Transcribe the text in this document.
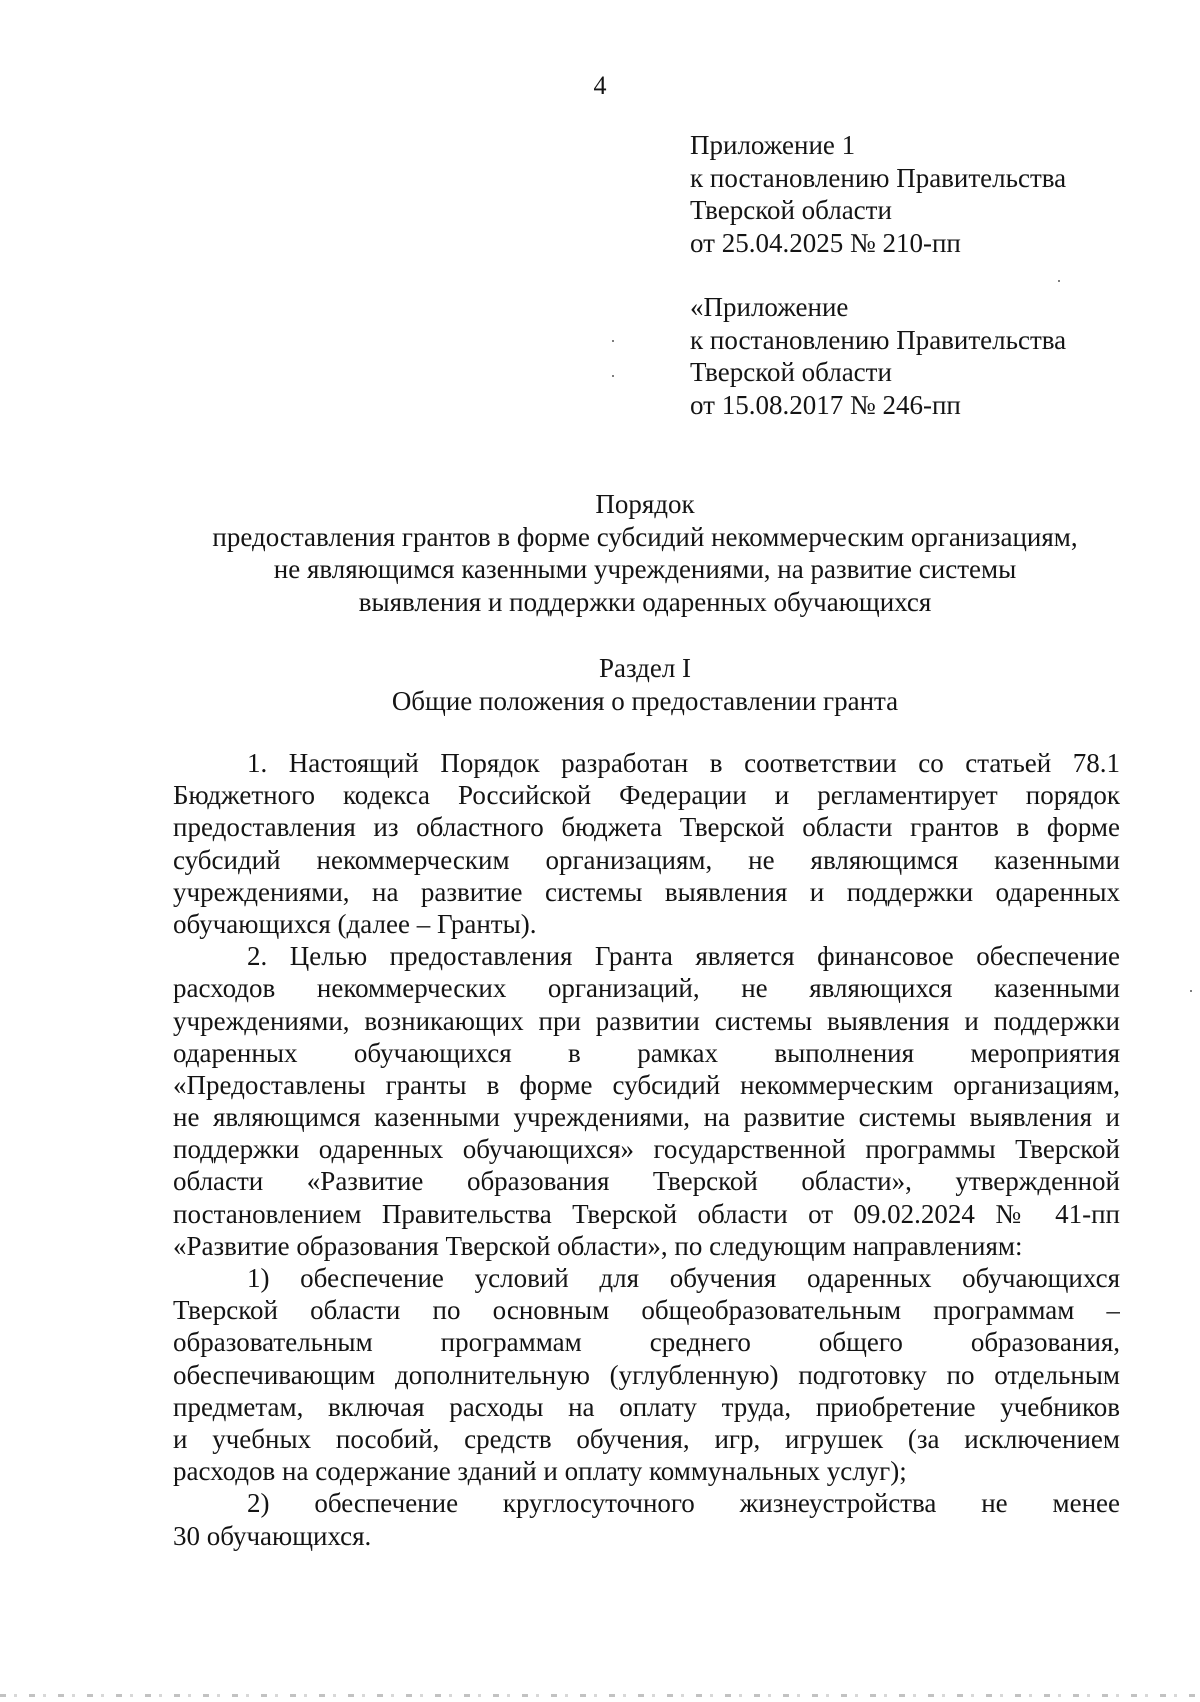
4
Приложение 1
к постановлению Правительства
Тверской области
от 25.04.2025 № 210-пп
«Приложение
к постановлению Правительства
Тверской области
от 15.08.2017 № 246-пп
Порядок
предоставления грантов в форме субсидий некоммерческим организациям,
не являющимся казенными учреждениями, на развитие системы
выявления и поддержки одаренных обучающихся
Раздел I
Общие положения о предоставлении гранта
1. Настоящий Порядок разработан в соответствии со статьей 78.1
Бюджетного кодекса Российской Федерации и регламентирует порядок
предоставления из областного бюджета Тверской области грантов в форме
субсидий некоммерческим организациям, не являющимся казенными
учреждениями, на развитие системы выявления и поддержки одаренных
обучающихся (далее – Гранты).
2. Целью предоставления Гранта является финансовое обеспечение
расходов некоммерческих организаций, не являющихся казенными
учреждениями, возникающих при развитии системы выявления и поддержки
одаренных обучающихся в рамках выполнения мероприятия
«Предоставлены гранты в форме субсидий некоммерческим организациям,
не являющимся казенными учреждениями, на развитие системы выявления и
поддержки одаренных обучающихся» государственной программы Тверской
области «Развитие образования Тверской области», утвержденной
постановлением Правительства Тверской области от 09.02.2024 № 41-пп
«Развитие образования Тверской области», по следующим направлениям:
1) обеспечение условий для обучения одаренных обучающихся
Тверской области по основным общеобразовательным программам –
образовательным программам среднего общего образования,
обеспечивающим дополнительную (углубленную) подготовку по отдельным
предметам, включая расходы на оплату труда, приобретение учебников
и учебных пособий, средств обучения, игр, игрушек (за исключением
расходов на содержание зданий и оплату коммунальных услуг);
2) обеспечение круглосуточного жизнеустройства не менее
30 обучающихся.
